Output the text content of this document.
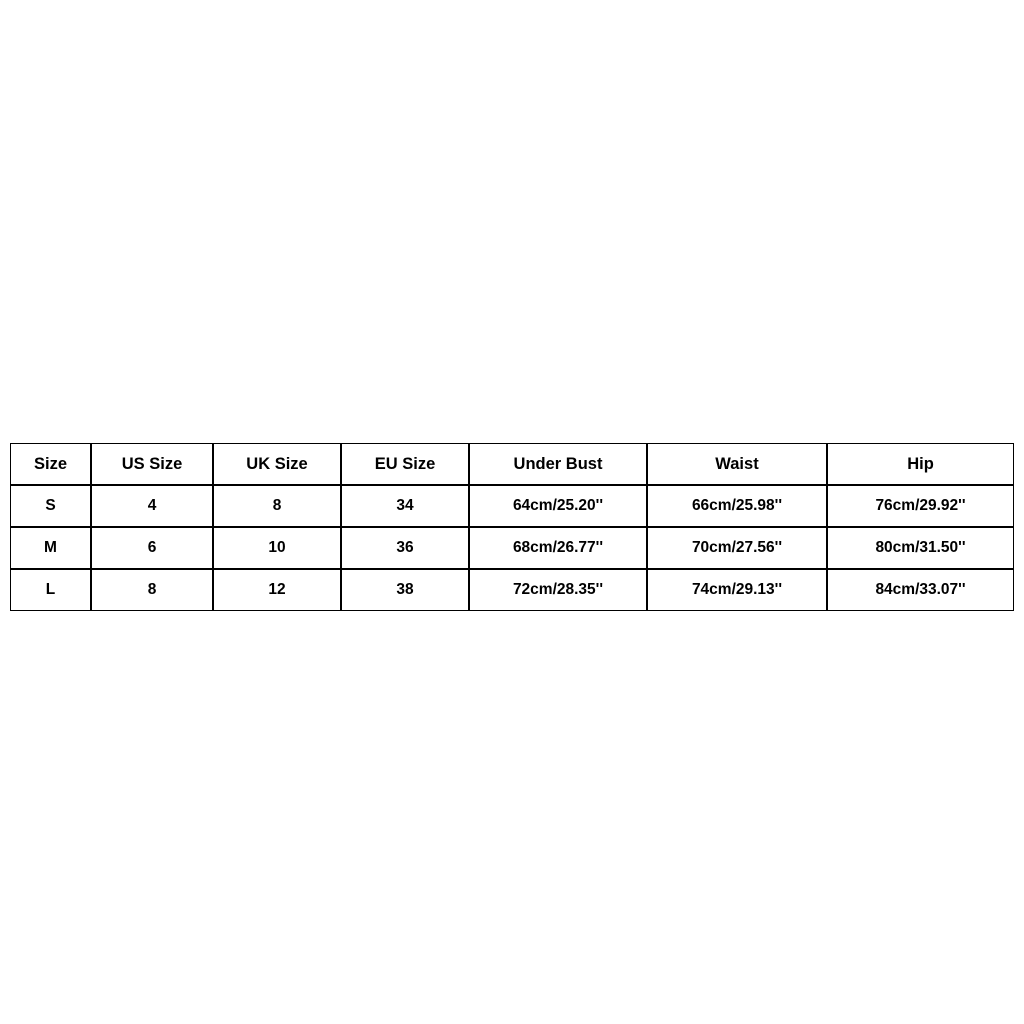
Size	US Size	UK Size	EU Size	Under Bust	Waist	Hip
S	4	8	34	64cm/25.20''	66cm/25.98''	76cm/29.92''
M	6	10	36	68cm/26.77''	70cm/27.56''	80cm/31.50''
L	8	12	38	72cm/28.35''	74cm/29.13''	84cm/33.07''
